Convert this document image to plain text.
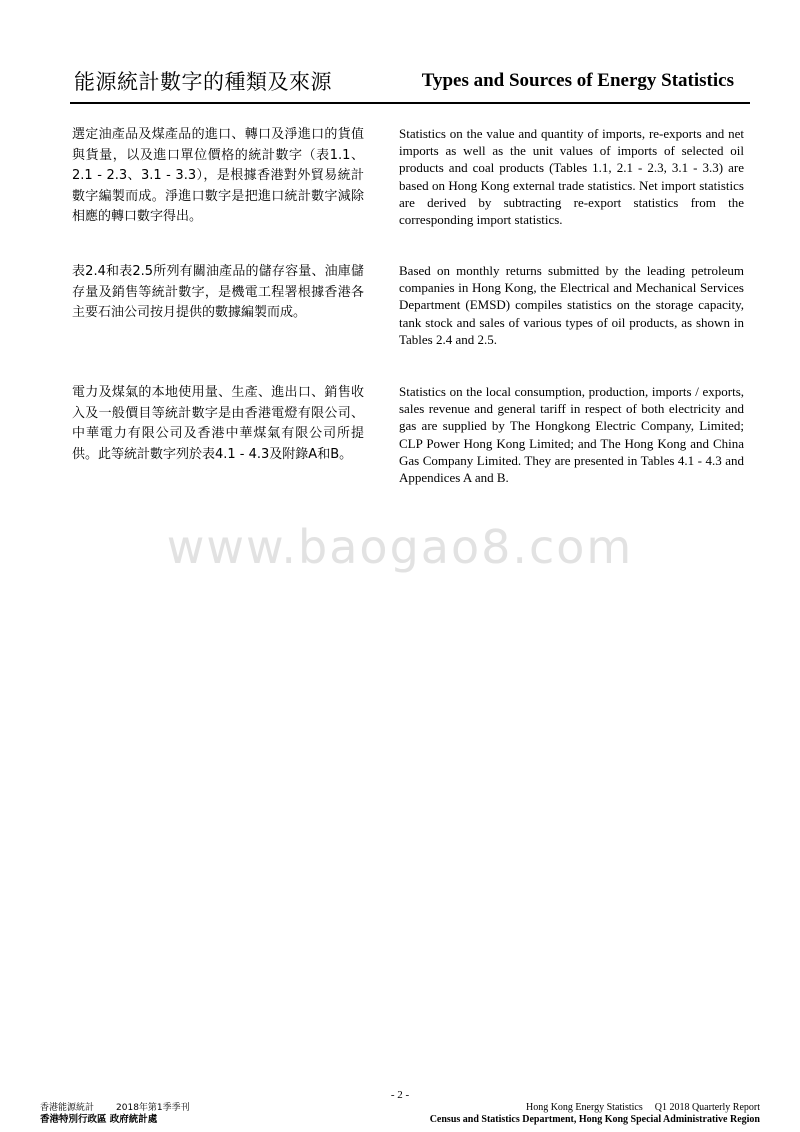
能源統計數字的種類及來源	Types and Sources of Energy Statistics
選定油產品及煤產品的進口、轉口及淨進口的貨值與貨量，以及進口單位價格的統計數字（表1.1、2.1 - 2.3、3.1 - 3.3），是根據香港對外貿易統計數字編製而成。淨進口數字是把進口統計數字減除相應的轉口數字得出。
Statistics on the value and quantity of imports, re-exports and net imports as well as the unit values of imports of selected oil products and coal products (Tables 1.1, 2.1 - 2.3, 3.1 - 3.3) are based on Hong Kong external trade statistics. Net import statistics are derived by subtracting re-export statistics from the corresponding import statistics.
表2.4和表2.5所列有關油產品的儲存容量、油庫儲存量及銷售等統計數字，是機電工程署根據香港各主要石油公司按月提供的數據編製而成。
Based on monthly returns submitted by the leading petroleum companies in Hong Kong, the Electrical and Mechanical Services Department (EMSD) compiles statistics on the storage capacity, tank stock and sales of various types of oil products, as shown in Tables 2.4 and 2.5.
電力及煤氣的本地使用量、生產、進出口、銷售收入及一般價目等統計數字是由香港電燈有限公司、中華電力有限公司及香港中華煤氣有限公司所提供。此等統計數字列於表4.1 - 4.3及附錄A和B。
Statistics on the local consumption, production, imports / exports, sales revenue and general tariff in respect of both electricity and gas are supplied by The Hongkong Electric Company, Limited; CLP Power Hong Kong Limited; and The Hong Kong and China Gas Company Limited. They are presented in Tables 4.1 - 4.3 and Appendices A and B.
www.baogao8.com
- 2 -
香港能源統計 2018年第1季季刊
香港特別行政區 政府統計處
Hong Kong Energy Statistics Q1 2018 Quarterly Report
Census and Statistics Department, Hong Kong Special Administrative Region
